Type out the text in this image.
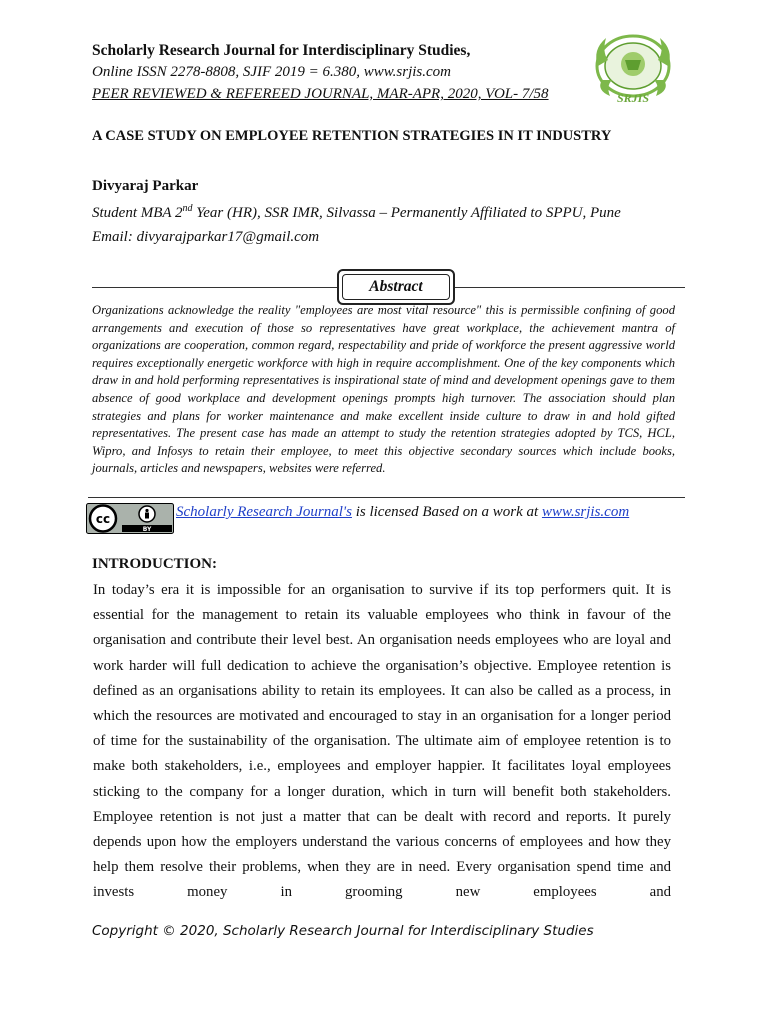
Scholarly Research Journal for Interdisciplinary Studies,
Online ISSN 2278-8808, SJIF 2019 = 6.380, www.srjis.com
PEER REVIEWED & REFEREED JOURNAL, MAR-APR, 2020, VOL- 7/58	SRJIS
A CASE STUDY ON EMPLOYEE RETENTION STRATEGIES IN IT INDUSTRY
Divyaraj Parkar
Student MBA 2nd Year (HR), SSR IMR, Silvassa – Permanently Affiliated to SPPU, Pune
Email: divyarajparkar17@gmail.com
Abstract
Organizations acknowledge the reality "employees are most vital resource" this is permissible confining of good arrangements and execution of those so representatives have great workplace, the achievement mantra of organizations are cooperation, common regard, respectability and pride of workforce the present aggressive world requires exceptionally energetic workforce with high in require accomplishment. One of the key components which draw in and hold performing representatives is inspirational state of mind and development openings gave to them absence of good workplace and development openings prompts high turnover. The association should plan strategies and plans for worker maintenance and make excellent inside culture to draw in and hold gifted representatives. The present case has made an attempt to study the retention strategies adopted by TCS, HCL, Wipro, and Infosys to retain their employee, to meet this objective secondary sources which include books, journals, articles and newspapers, websites were referred.
cc
BY
Scholarly Research Journal's is licensed Based on a work at www.srjis.com
INTRODUCTION:
In today’s era it is impossible for an organisation to survive if its top performers quit. It is essential for the management to retain its valuable employees who think in favour of the organisation and contribute their level best. An organisation needs employees who are loyal and work harder will full dedication to achieve the organisation’s objective. Employee retention is defined as an organisations ability to retain its employees. It can also be called as a process, in which the resources are motivated and encouraged to stay in an organisation for a longer period of time for the sustainability of the organisation. The ultimate aim of employee retention is to make both stakeholders, i.e., employees and employer happier. It facilitates loyal employees sticking to the company for a longer duration, which in turn will benefit both stakeholders. Employee retention is not just a matter that can be dealt with record and reports. It purely depends upon how the employers understand the various concerns of employees and how they help them resolve their problems, when they are in need. Every organisation spend time and invests money in grooming new employees and
Copyright © 2020, Scholarly Research Journal for Interdisciplinary Studies
